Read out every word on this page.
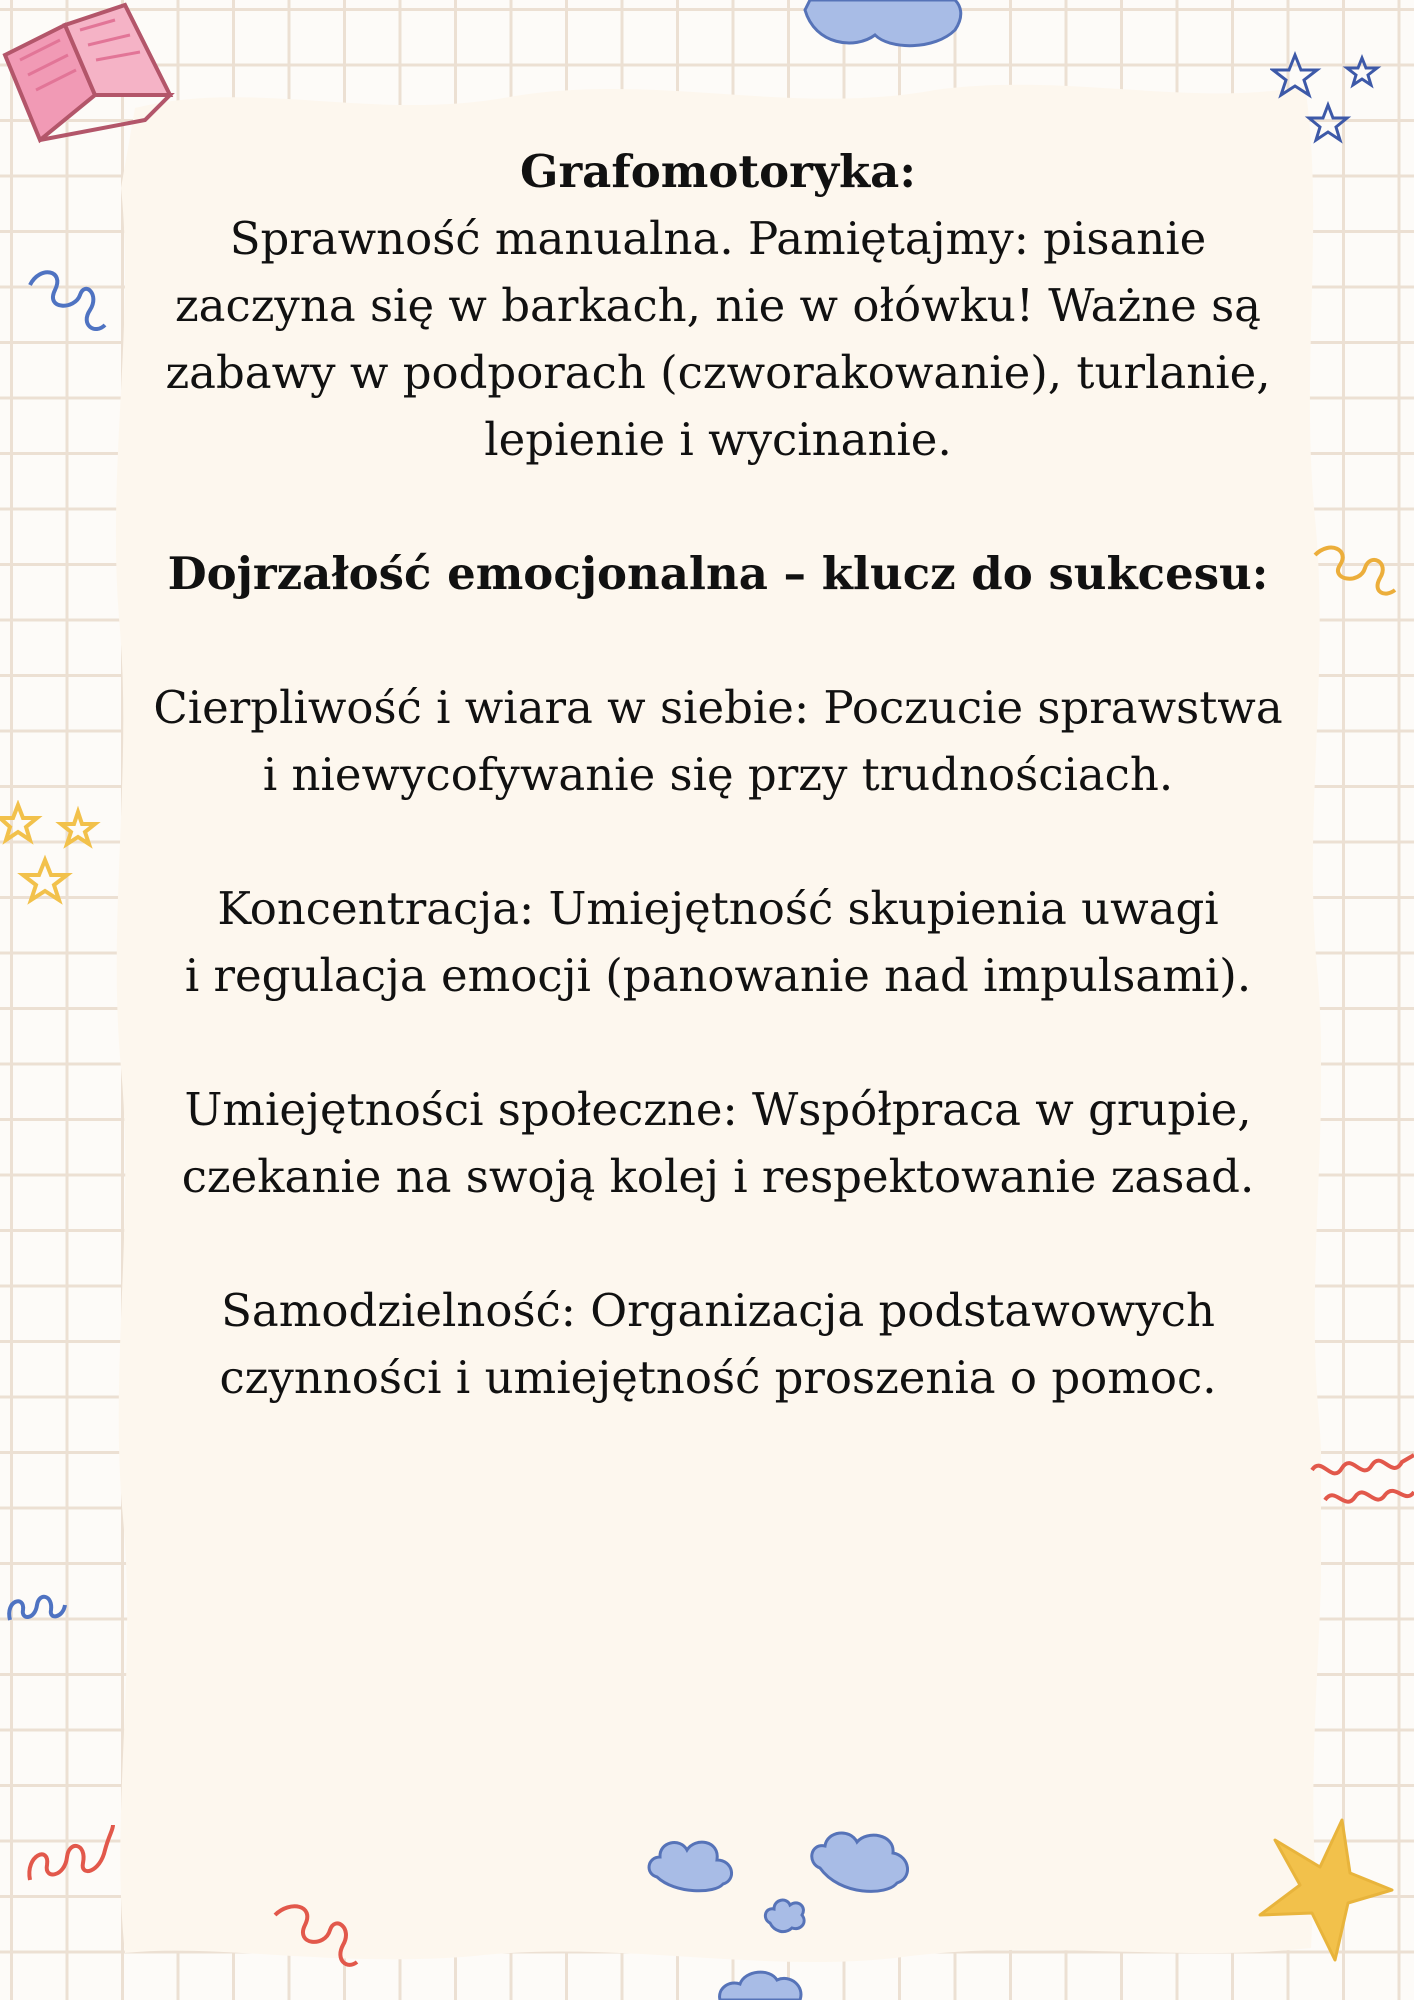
Grafomotoryka:

Sprawność manualna. Pamiętajmy: pisanie
zaczyna się w barkach, nie w ołówku! Ważne są
zabawy w podporach (czworakowanie), turlanie,
lepienie i wycinanie.

Dojrzałość emocjonalna – klucz do sukcesu:

Cierpliwość i wiara w siebie: Poczucie sprawstwa
i niewycofywanie się przy trudnościach.

Koncentracja: Umiejętność skupienia uwagi
i regulacja emocji (panowanie nad impulsami).

Umiejętności społeczne: Współpraca w grupie,
czekanie na swoją kolej i respektowanie zasad.

Samodzielność: Organizacja podstawowych
czynności i umiejętność proszenia o pomoc.
